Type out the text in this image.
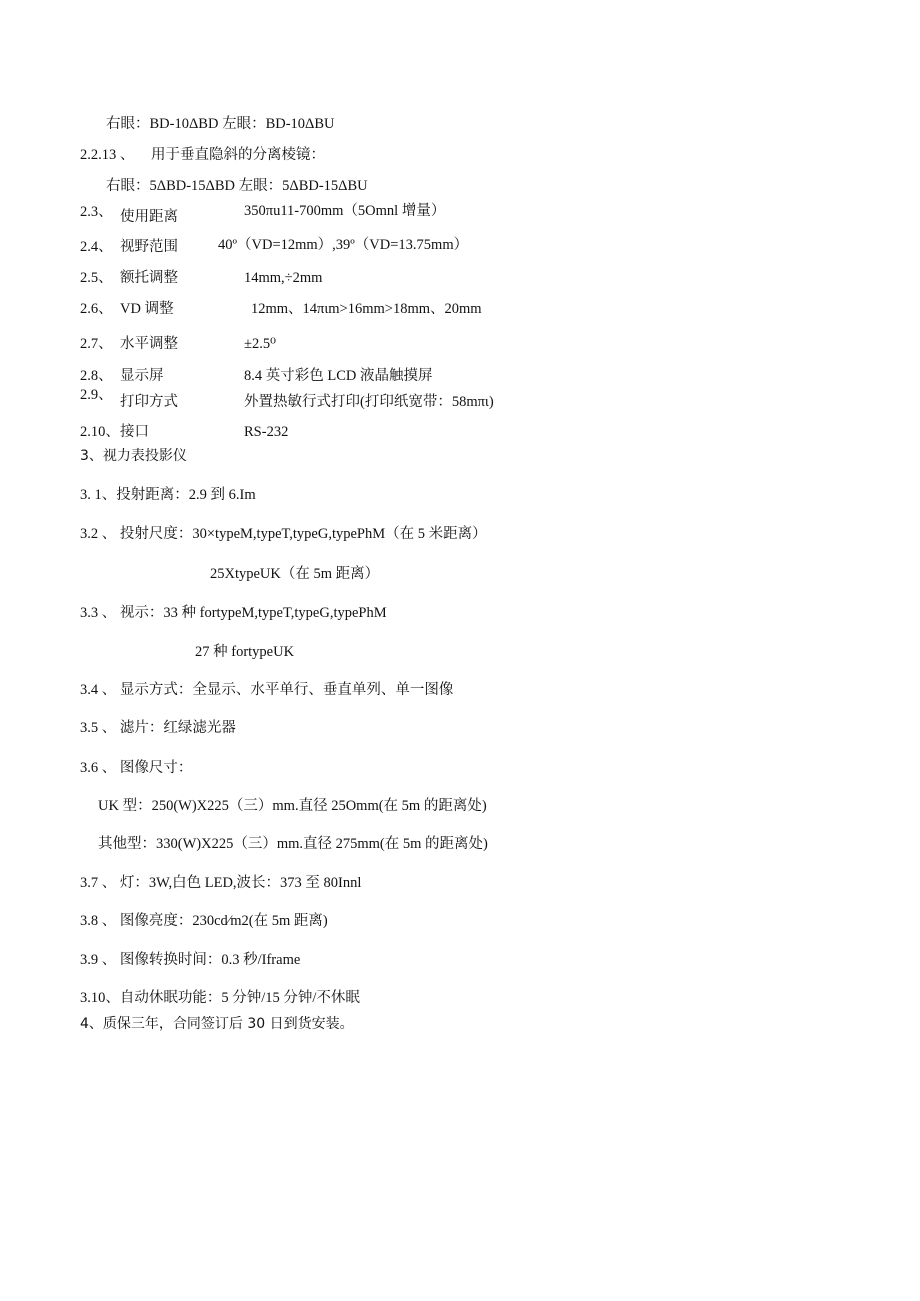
右眼：BD-10ΔBD 左眼：BD-10ΔBU
2.2.13 、 用于垂直隐斜的分离棱镜：
右眼：5ΔBD-15ΔBD 左眼：5ΔBD-15ΔBU
2.3、 使用距离	350πu11-700mm（5Omnl 增量）
2.4、 视野范围	40º（VD=12mm）,39º（VD=13.75mm）
2.5、 额托调整	14mm,÷2mm
2.6、 VD 调整	12mm、14πιm>16mm>18mm、20mm
2.7、 水平调整	±2.5⁰
2.8、 显示屏	8.4 英寸彩色 LCD 液晶触摸屏
2.9、 打印方式	外置热敏行式打印(打印纸宽带：58mπι)
2.10、 接口	RS-232
3、视力表投影仪
3. 1、投射距离：2.9 到 6.Im
3.2 、 投射尺度：30×typeM,typeT,typeG,typePhM（在 5 米距离）
25XtypeUK（在 5m 距离）
3.3 、 视示：33 种 fortypeM,typeT,typeG,typePhM
27 种 fortypeUK
3.4 、 显示方式：全显示、水平单行、垂直单列、单一图像
3.5 、 滤片：红绿滤光器
3.6 、 图像尺寸：
UK 型：250(W)X225（三）mm.直径 25Omm(在 5m 的距离处)
其他型：330(W)X225（三）mm.直径 275mm(在 5m 的距离处)
3.7 、 灯：3W,白色 LED,波长：373 至 80Innl
3.8 、 图像亮度：230cd∕m2(在 5m 距离)
3.9 、 图像转换时间：0.3 秒/Iframe
3.10、自动休眠功能：5 分钟/15 分钟/不休眠
4、质保三年，合同签订后 30 日到货安装。
